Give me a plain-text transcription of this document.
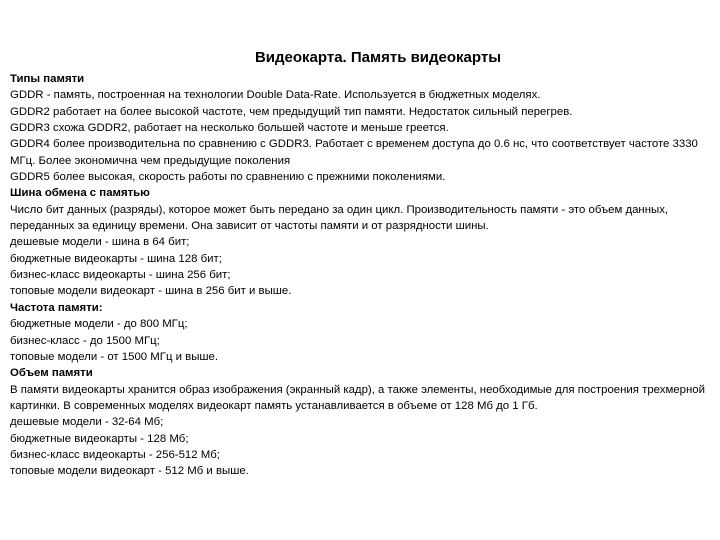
Видеокарта. Память видеокарты
Типы памяти

GDDR - память, построенная на технологии Double Data-Rate. Используется в бюджетных моделях.

GDDR2 работает на более высокой частоте, чем предыдущий тип памяти. Недостаток сильный перегрев.

GDDR3 схожа GDDR2, работает на несколько большей частоте и меньше греется.

GDDR4 более производительна по сравнению с GDDR3. Работает с временем доступа до 0.6 нс, что соответствует частоте 3330 МГц. Более экономична чем предыдущие поколения

GDDR5 более высокая, скорость работы по сравнению с прежними поколениями.

Шина обмена с памятью

Число бит данных (разряды), которое может быть передано за один цикл. Производительность памяти - это объем данных, переданных за единицу времени. Она зависит от частоты памяти и от разрядности шины.

дешевые модели - шина в 64 бит;

бюджетные видеокарты - шина 128 бит;

бизнес-класс видеокарты - шина 256 бит;

топовые модели видеокарт - шина в 256 бит и выше.

Частота памяти:

бюджетные модели - до 800 МГц;

бизнес-класс - до 1500 МГц;

топовые модели - от 1500 МГц и выше.

Объем памяти

В памяти видеокарты хранится образ изображения (экранный кадр), а также элементы, необходимые для построения трехмерной картинки. В современных моделях видеокарт память устанавливается в объеме от 128 Мб до 1 Гб.

дешевые модели - 32-64 Мб;

бюджетные видеокарты - 128 Мб;

бизнес-класс видеокарты - 256-512 Мб;

топовые модели видеокарт - 512 Мб и выше.
